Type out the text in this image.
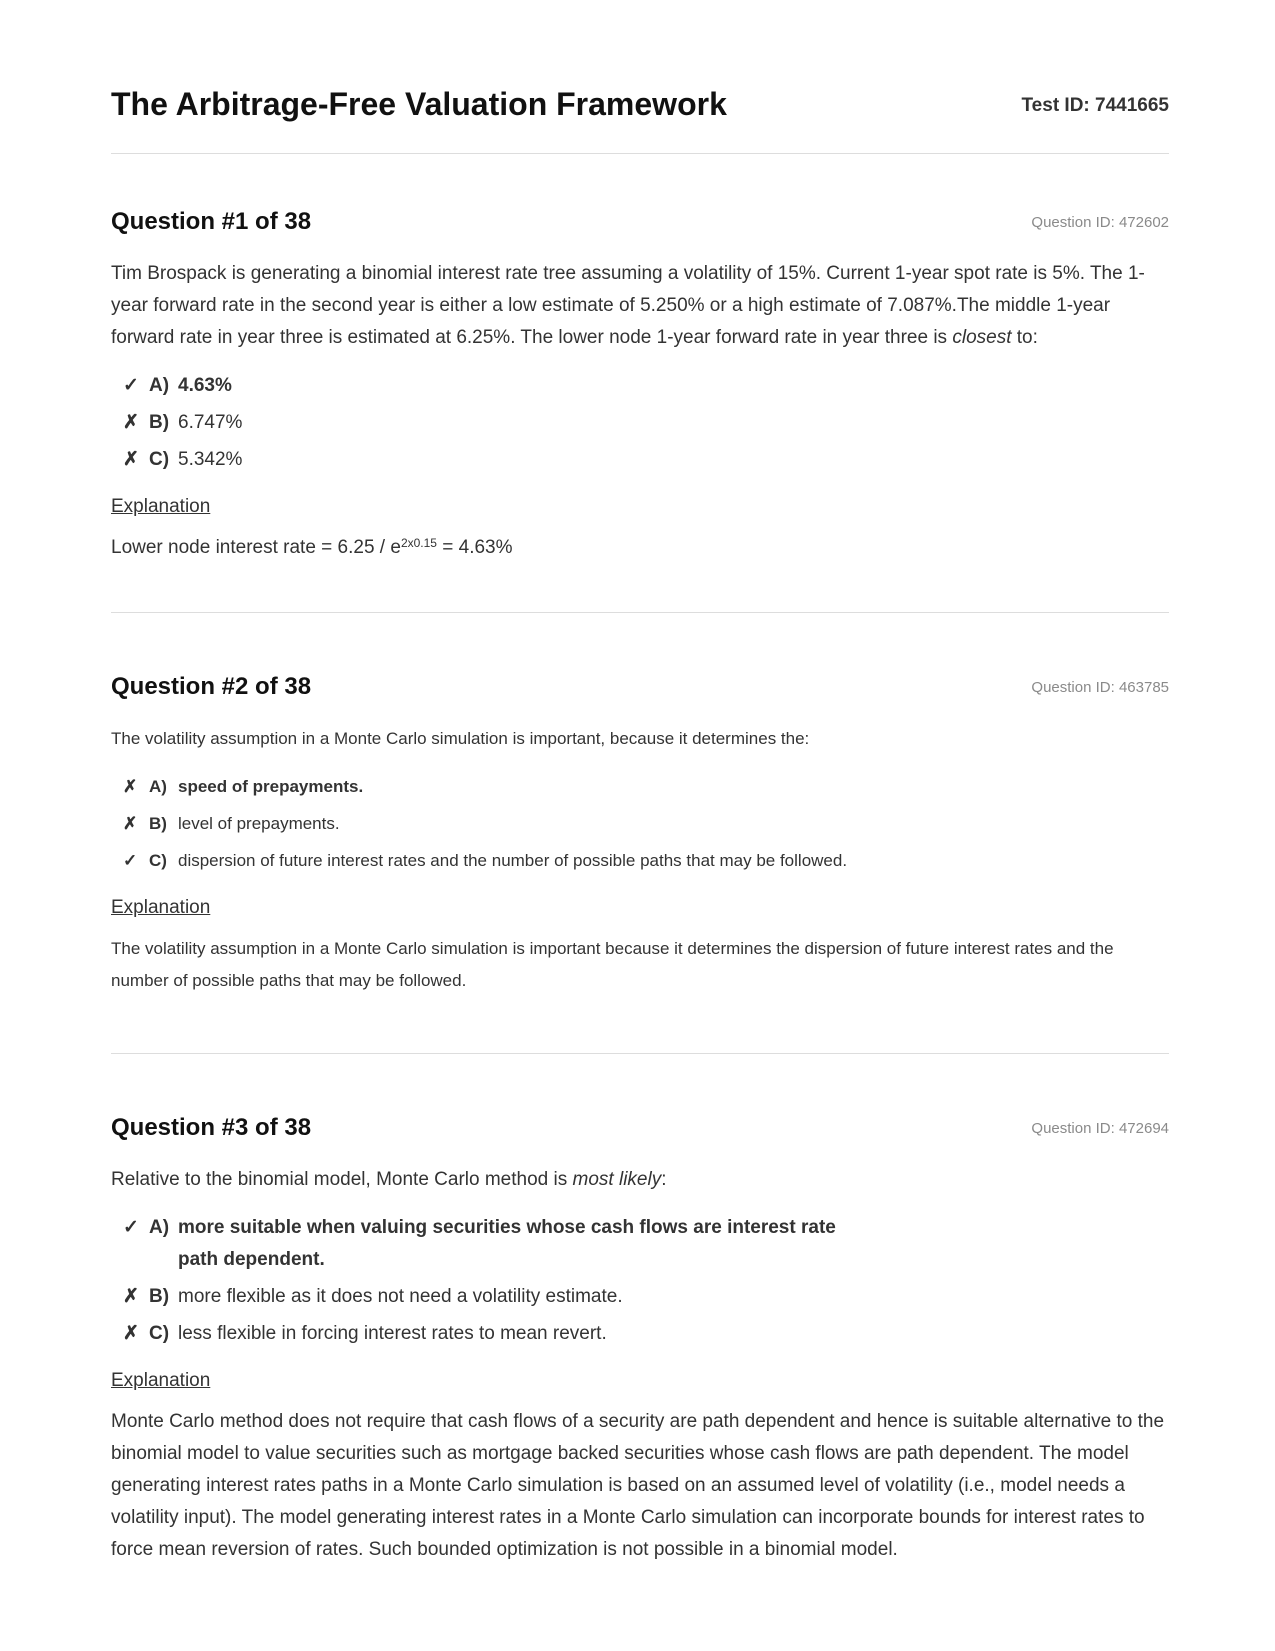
The Arbitrage-Free Valuation Framework	Test ID: 7441665
Question #1 of 38	Question ID: 472602

Tim Brospack is generating a binomial interest rate tree assuming a volatility of 15%. Current 1-year spot rate is 5%. The 1-year forward rate in the second year is either a low estimate of 5.250% or a high estimate of 7.087%.The middle 1-year forward rate in year three is estimated at 6.25%. The lower node 1-year forward rate in year three is closest to:

✓ A) 4.63%
✗ B) 6.747%
✗ C) 5.342%
Explanation

Lower node interest rate = $6.25 / e^{2x0.15} = 4.63\%$

Question #2 of 38	Question ID: 463785

The volatility assumption in a Monte Carlo simulation is important, because it determines the:

✗ A) speed of prepayments.
✗ B) level of prepayments.
✓ C) dispersion of future interest rates and the number of possible paths that may be followed.
Explanation

The volatility assumption in a Monte Carlo simulation is important because it determines the dispersion of future interest rates and the number of possible paths that may be followed.

Question #3 of 38	Question ID: 472694

Relative to the binomial model, Monte Carlo method is most likely:

✓ A) more suitable when valuing securities whose cash flows are interest rate path dependent.
✗ B) more flexible as it does not need a volatility estimate.
✗ C) less flexible in forcing interest rates to mean revert.
Explanation

Monte Carlo method does not require that cash flows of a security are path dependent and hence is suitable alternative to the binomial model to value securities such as mortgage backed securities whose cash flows are path dependent. The model generating interest rates paths in a Monte Carlo simulation is based on an assumed level of volatility (i.e., model needs a volatility input). The model generating interest rates in a Monte Carlo simulation can incorporate bounds for interest rates to force mean reversion of rates. Such bounded optimization is not possible in a binomial model.
